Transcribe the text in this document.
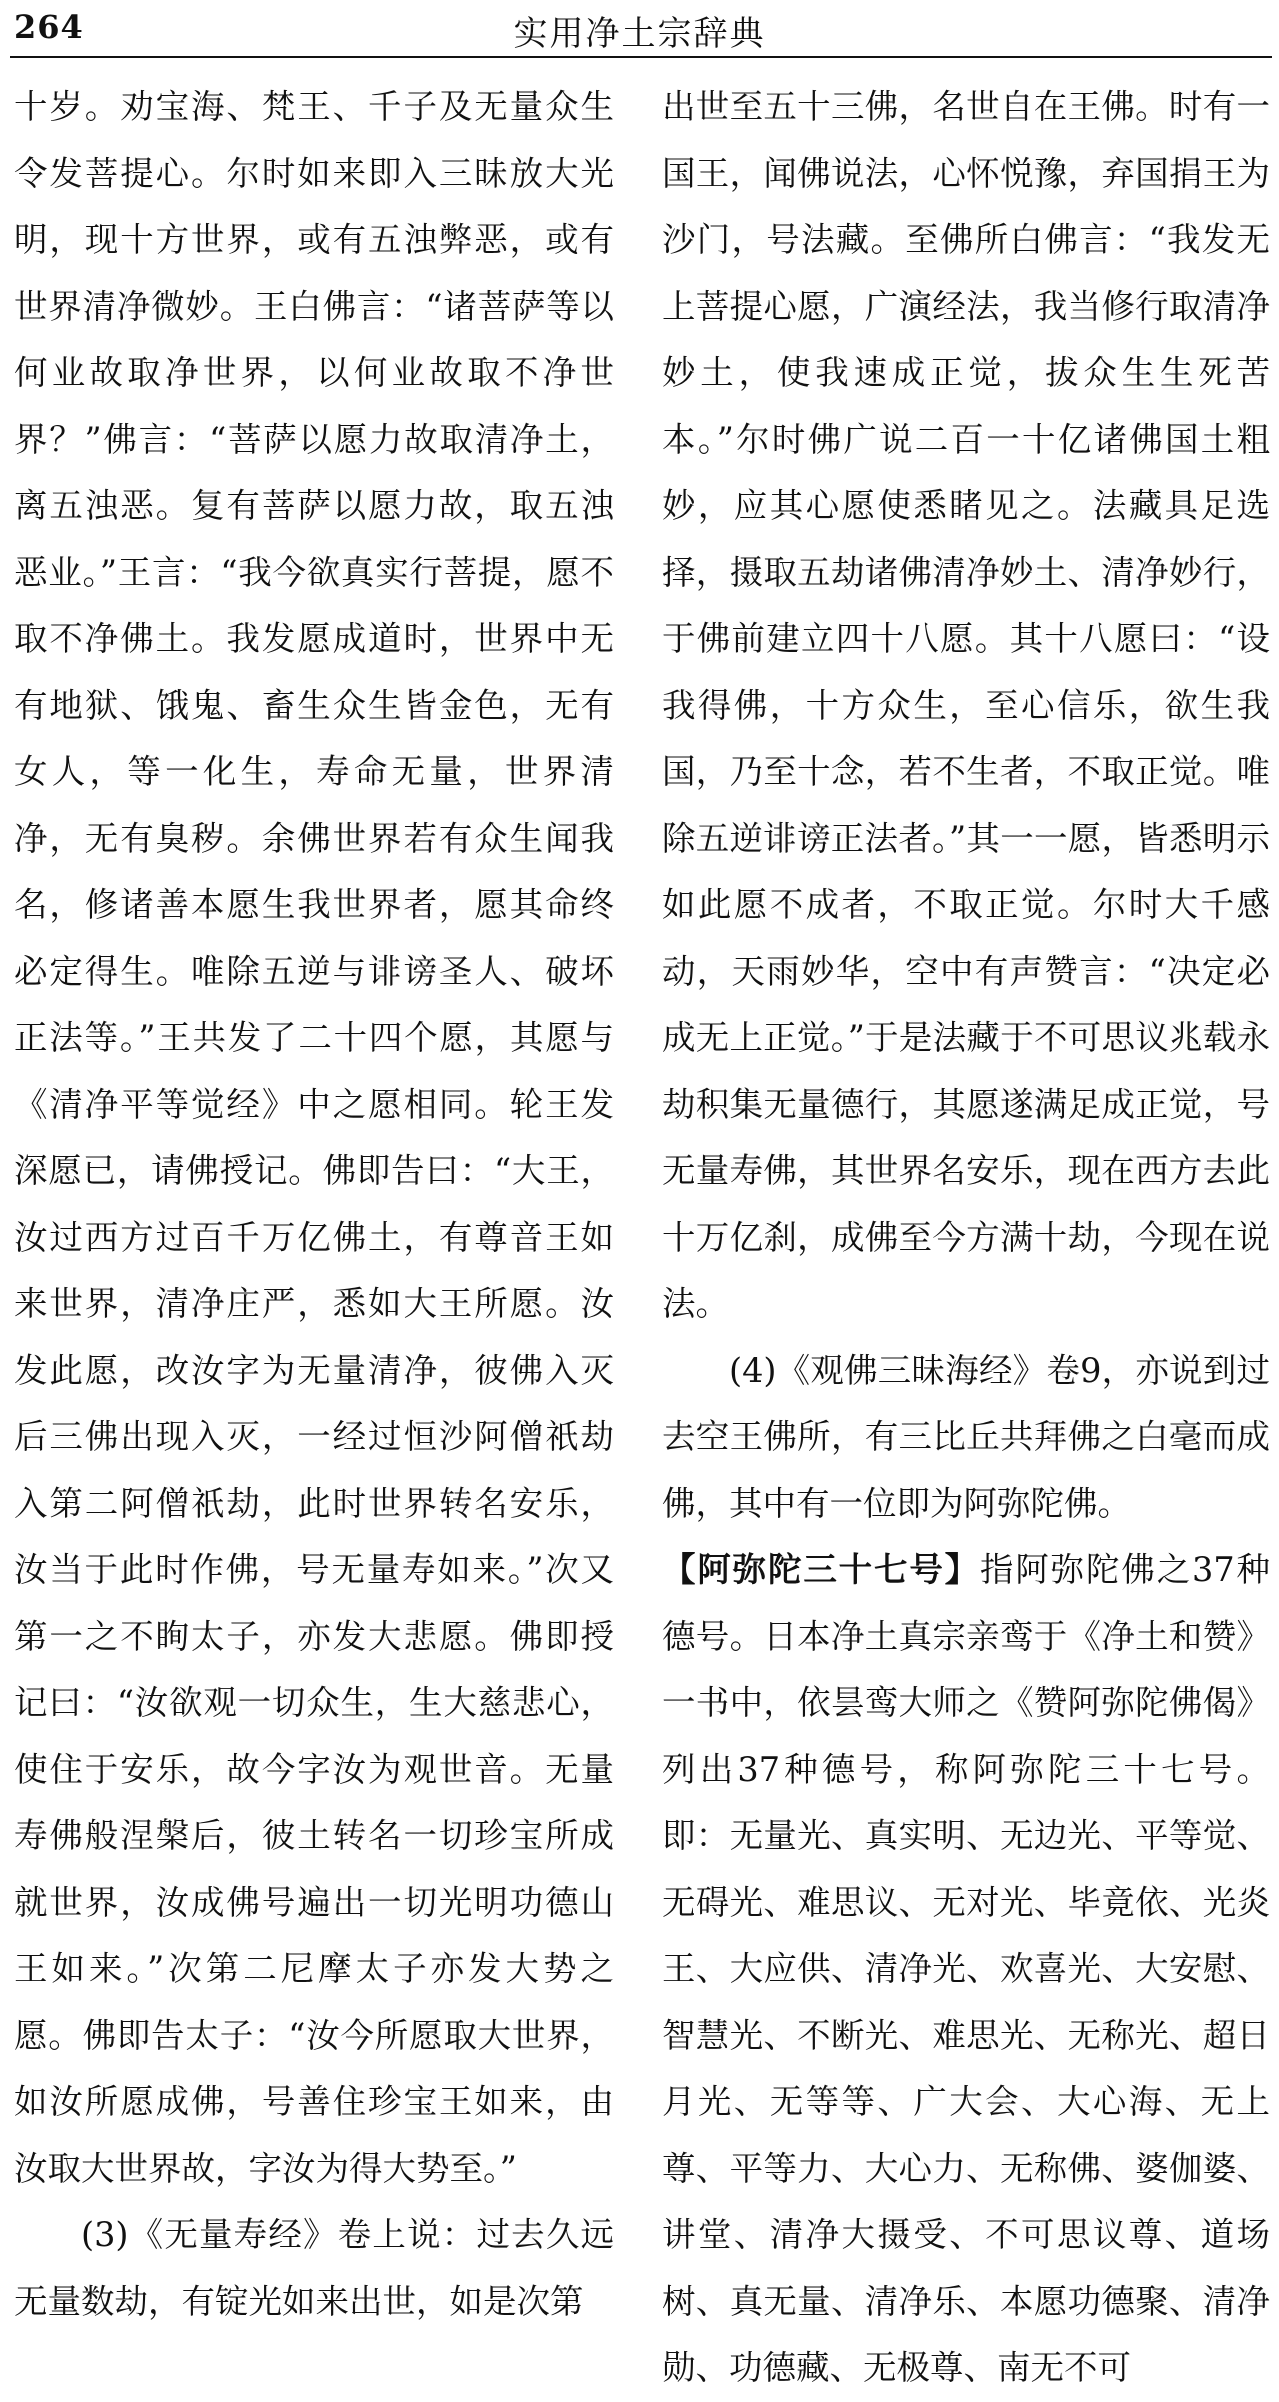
264	实用净土宗辞典

十岁。劝宝海、梵王、千子及无量众生令发菩提心。尔时如来即入三昧放大光明，现十方世界，或有五浊弊恶，或有世界清净微妙。王白佛言：“诸菩萨等以何业故取净世界，以何业故取不净世界？”佛言：“菩萨以愿力故取清净土，离五浊恶。复有菩萨以愿力故，取五浊恶业。”王言：“我今欲真实行菩提，愿不取不净佛土。我发愿成道时，世界中无有地狱、饿鬼、畜生众生皆金色，无有女人，等一化生，寿命无量，世界清净，无有臭秽。余佛世界若有众生闻我名，修诸善本愿生我世界者，愿其命终必定得生。唯除五逆与诽谤圣人、破坏正法等。”王共发了二十四个愿，其愿与《清净平等觉经》中之愿相同。轮王发深愿已，请佛授记。佛即告曰：“大王，汝过西方过百千万亿佛土，有尊音王如来世界，清净庄严，悉如大王所愿。汝发此愿，改汝字为无量清净，彼佛入灭后三佛出现入灭，一经过恒沙阿僧祇劫入第二阿僧祇劫，此时世界转名安乐，汝当于此时作佛，号无量寿如来。”次又第一之不眴太子，亦发大悲愿。佛即授记曰：“汝欲观一切众生，生大慈悲心，使住于安乐，故今字汝为观世音。无量寿佛般涅槃后，彼土转名一切珍宝所成就世界，汝成佛号遍出一切光明功德山王如来。”次第二尼摩太子亦发大势之愿。佛即告太子：“汝今所愿取大世界，如汝所愿成佛，号善住珍宝王如来，由汝取大世界故，字汝为得大势至。”

(3)《无量寿经》卷上说：过去久远无量数劫，有锭光如来出世，如是次第

出世至五十三佛，名世自在王佛。时有一国王，闻佛说法，心怀悦豫，弃国捐王为沙门，号法藏。至佛所白佛言：“我发无上菩提心愿，广演经法，我当修行取清净妙土，使我速成正觉，拔众生生死苦本。”尔时佛广说二百一十亿诸佛国土粗妙，应其心愿使悉睹见之。法藏具足选择，摄取五劫诸佛清净妙土、清净妙行，于佛前建立四十八愿。其十八愿曰：“设我得佛，十方众生，至心信乐，欲生我国，乃至十念，若不生者，不取正觉。唯除五逆诽谤正法者。”其一一愿，皆悉明示如此愿不成者，不取正觉。尔时大千感动，天雨妙华，空中有声赞言：“决定必成无上正觉。”于是法藏于不可思议兆载永劫积集无量德行，其愿遂满足成正觉，号无量寿佛，其世界名安乐，现在西方去此十万亿刹，成佛至今方满十劫，今现在说法。

(4)《观佛三昧海经》卷9，亦说到过去空王佛所，有三比丘共拜佛之白毫而成佛，其中有一位即为阿弥陀佛。

【阿弥陀三十七号】指阿弥陀佛之37种德号。日本净土真宗亲鸾于《净土和赞》一书中，依昙鸾大师之《赞阿弥陀佛偈》列出37种德号，称阿弥陀三十七号。即：无量光、真实明、无边光、平等觉、无碍光、难思议、无对光、毕竟依、光炎王、大应供、清净光、欢喜光、大安慰、智慧光、不断光、难思光、无称光、超日月光、无等等、广大会、大心海、无上尊、平等力、大心力、无称佛、婆伽婆、讲堂、清净大摄受、不可思议尊、道场树、真无量、清净乐、本愿功德聚、清净勋、功德藏、无极尊、南无不可
